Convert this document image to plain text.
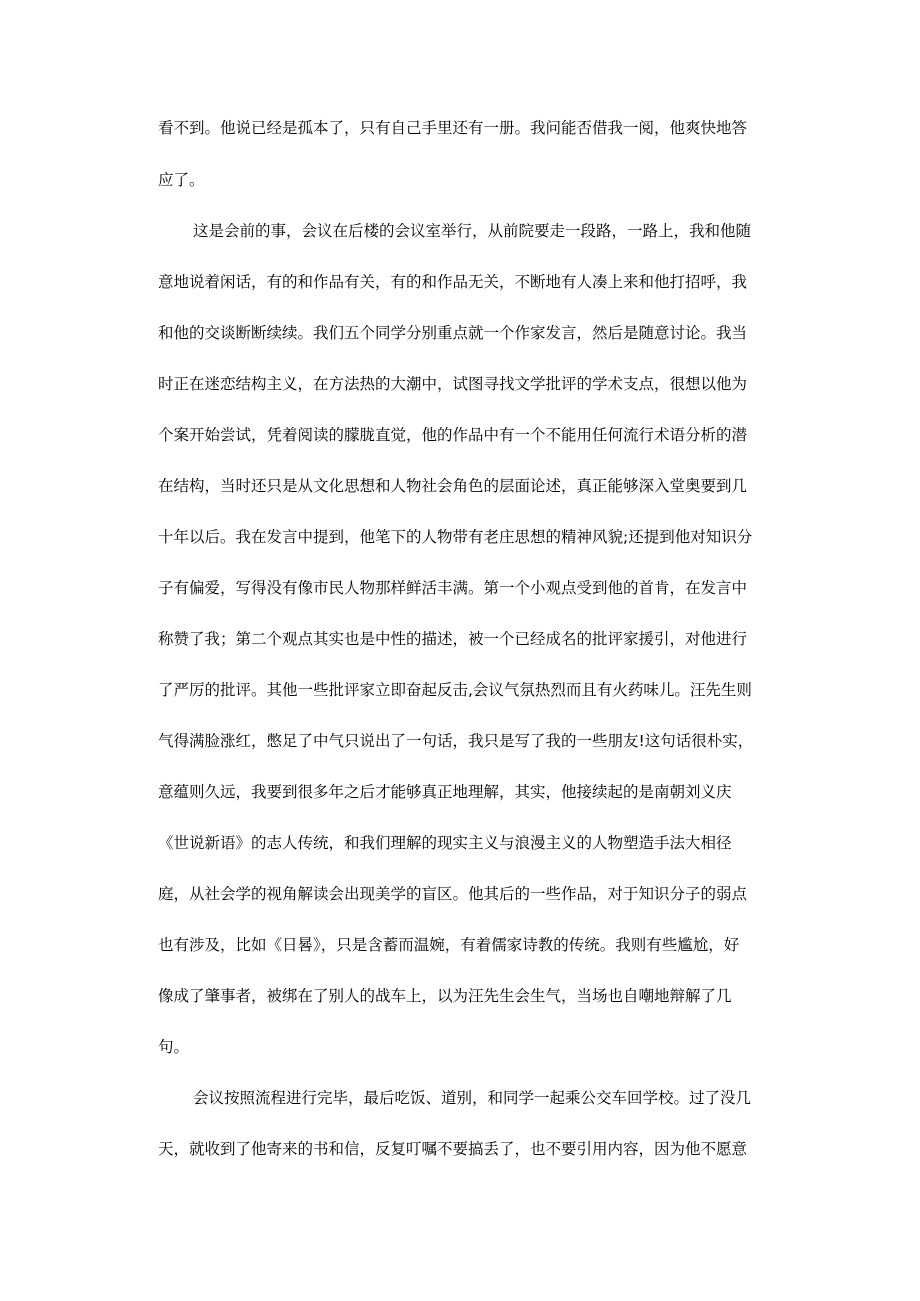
看不到。他说已经是孤本了，只有自己手里还有一册。我问能否借我一阅，他爽快地答
应了。
这是会前的事，会议在后楼的会议室举行，从前院要走一段路，一路上，我和他随
意地说着闲话，有的和作品有关，有的和作品无关，不断地有人凑上来和他打招呼，我
和他的交谈断断续续。我们五个同学分别重点就一个作家发言，然后是随意讨论。我当
时正在迷恋结构主义，在方法热的大潮中，试图寻找文学批评的学术支点，很想以他为
个案开始尝试，凭着阅读的朦胧直觉，他的作品中有一个不能用任何流行术语分析的潜
在结构，当时还只是从文化思想和人物社会角色的层面论述，真正能够深入堂奥要到几
十年以后。我在发言中提到，他笔下的人物带有老庄思想的精神风貌;还提到他对知识分
子有偏爱，写得没有像市民人物那样鲜活丰满。第一个小观点受到他的首肯，在发言中
称赞了我；第二个观点其实也是中性的描述，被一个已经成名的批评家援引，对他进行
了严厉的批评。其他一些批评家立即奋起反击,会议气氛热烈而且有火药味儿。汪先生则
气得满脸涨红，憋足了中气只说出了一句话，我只是写了我的一些朋友!这句话很朴实，
意蕴则久远，我要到很多年之后才能够真正地理解，其实，他接续起的是南朝刘义庆
《世说新语》的志人传统，和我们理解的现实主义与浪漫主义的人物塑造手法大相径
庭，从社会学的视角解读会出现美学的盲区。他其后的一些作品，对于知识分子的弱点
也有涉及，比如《日晷》，只是含蓄而温婉，有着儒家诗教的传统。我则有些尴尬，好
像成了肇事者，被绑在了别人的战车上，以为汪先生会生气，当场也自嘲地辩解了几
句。
会议按照流程进行完毕，最后吃饭、道别，和同学一起乘公交车回学校。过了没几
天，就收到了他寄来的书和信，反复叮嘱不要搞丢了，也不要引用内容，因为他不愿意
